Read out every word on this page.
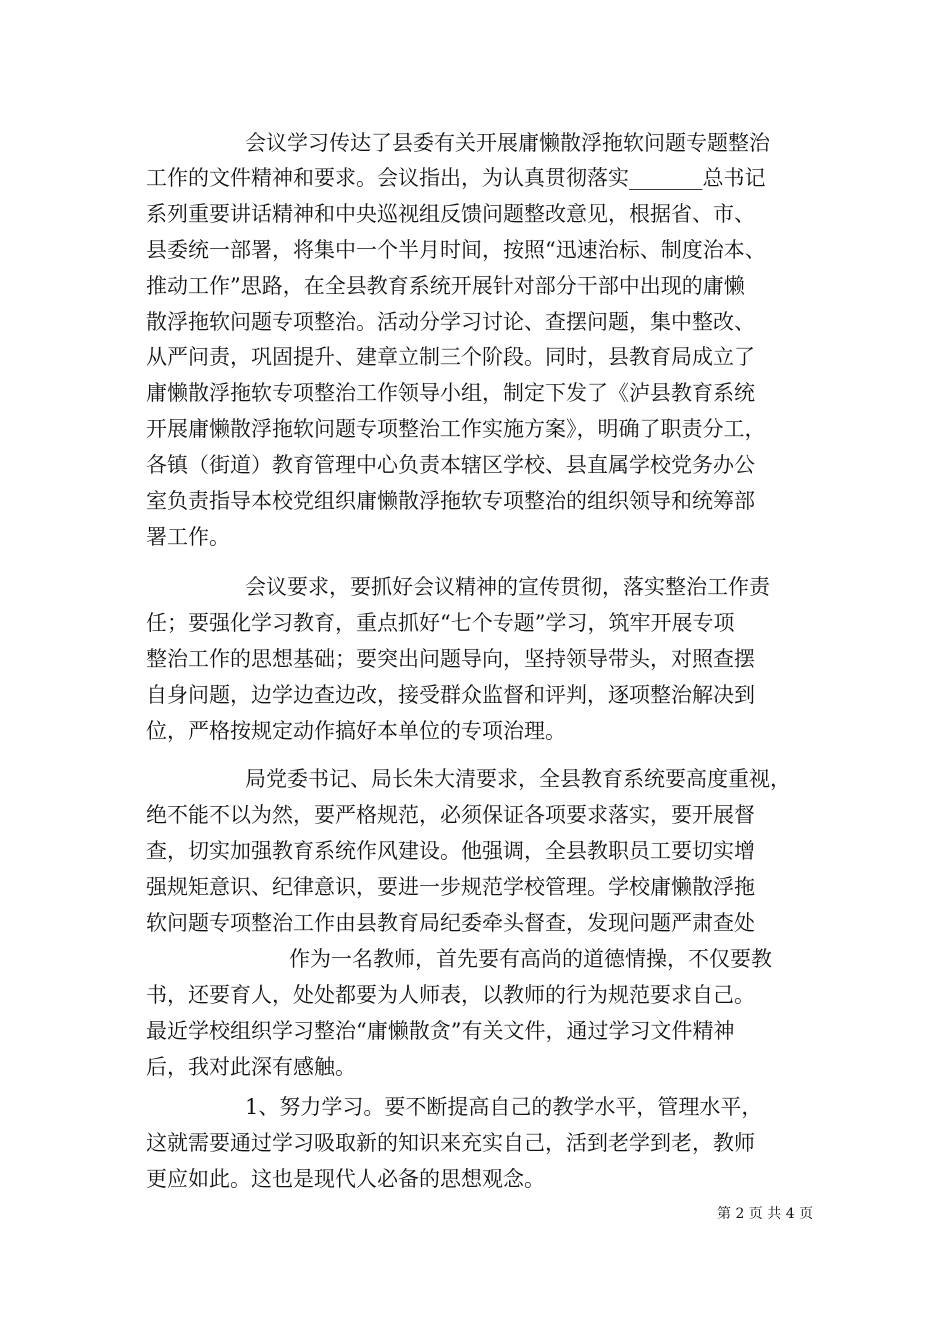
会议学习传达了县委有关开展庸懒散浮拖软问题专题整治
工作的文件精神和要求。会议指出，为认真贯彻落实_______总书记
系列重要讲话精神和中央巡视组反馈问题整改意见，根据省、市、
县委统一部署，将集中一个半月时间，按照“迅速治标、制度治本、
推动工作”思路，在全县教育系统开展针对部分干部中出现的庸懒
散浮拖软问题专项整治。活动分学习讨论、查摆问题，集中整改、
从严问责，巩固提升、建章立制三个阶段。同时，县教育局成立了
庸懒散浮拖软专项整治工作领导小组，制定下发了《泸县教育系统
开展庸懒散浮拖软问题专项整治工作实施方案》，明确了职责分工，
各镇（街道）教育管理中心负责本辖区学校、县直属学校党务办公
室负责指导本校党组织庸懒散浮拖软专项整治的组织领导和统筹部
署工作。
会议要求，要抓好会议精神的宣传贯彻，落实整治工作责
任；要强化学习教育，重点抓好“七个专题”学习，筑牢开展专项
整治工作的思想基础；要突出问题导向，坚持领导带头，对照查摆
自身问题，边学边查边改，接受群众监督和评判，逐项整治解决到
位，严格按规定动作搞好本单位的专项治理。
局党委书记、局长朱大清要求，全县教育系统要高度重视，
绝不能不以为然，要严格规范，必须保证各项要求落实，要开展督
查，切实加强教育系统作风建设。他强调，全县教职员工要切实增
强规矩意识、纪律意识，要进一步规范学校管理。学校庸懒散浮拖
软问题专项整治工作由县教育局纪委牵头督查，发现问题严肃查处
作为一名教师，首先要有高尚的道德情操，不仅要教
书，还要育人，处处都要为人师表，以教师的行为规范要求自己。
最近学校组织学习整治“庸懒散贪”有关文件，通过学习文件精神
后，我对此深有感触。
1、努力学习。要不断提高自己的教学水平，管理水平，
这就需要通过学习吸取新的知识来充实自己，活到老学到老，教师
更应如此。这也是现代人必备的思想观念。
第 2 页 共 4 页
